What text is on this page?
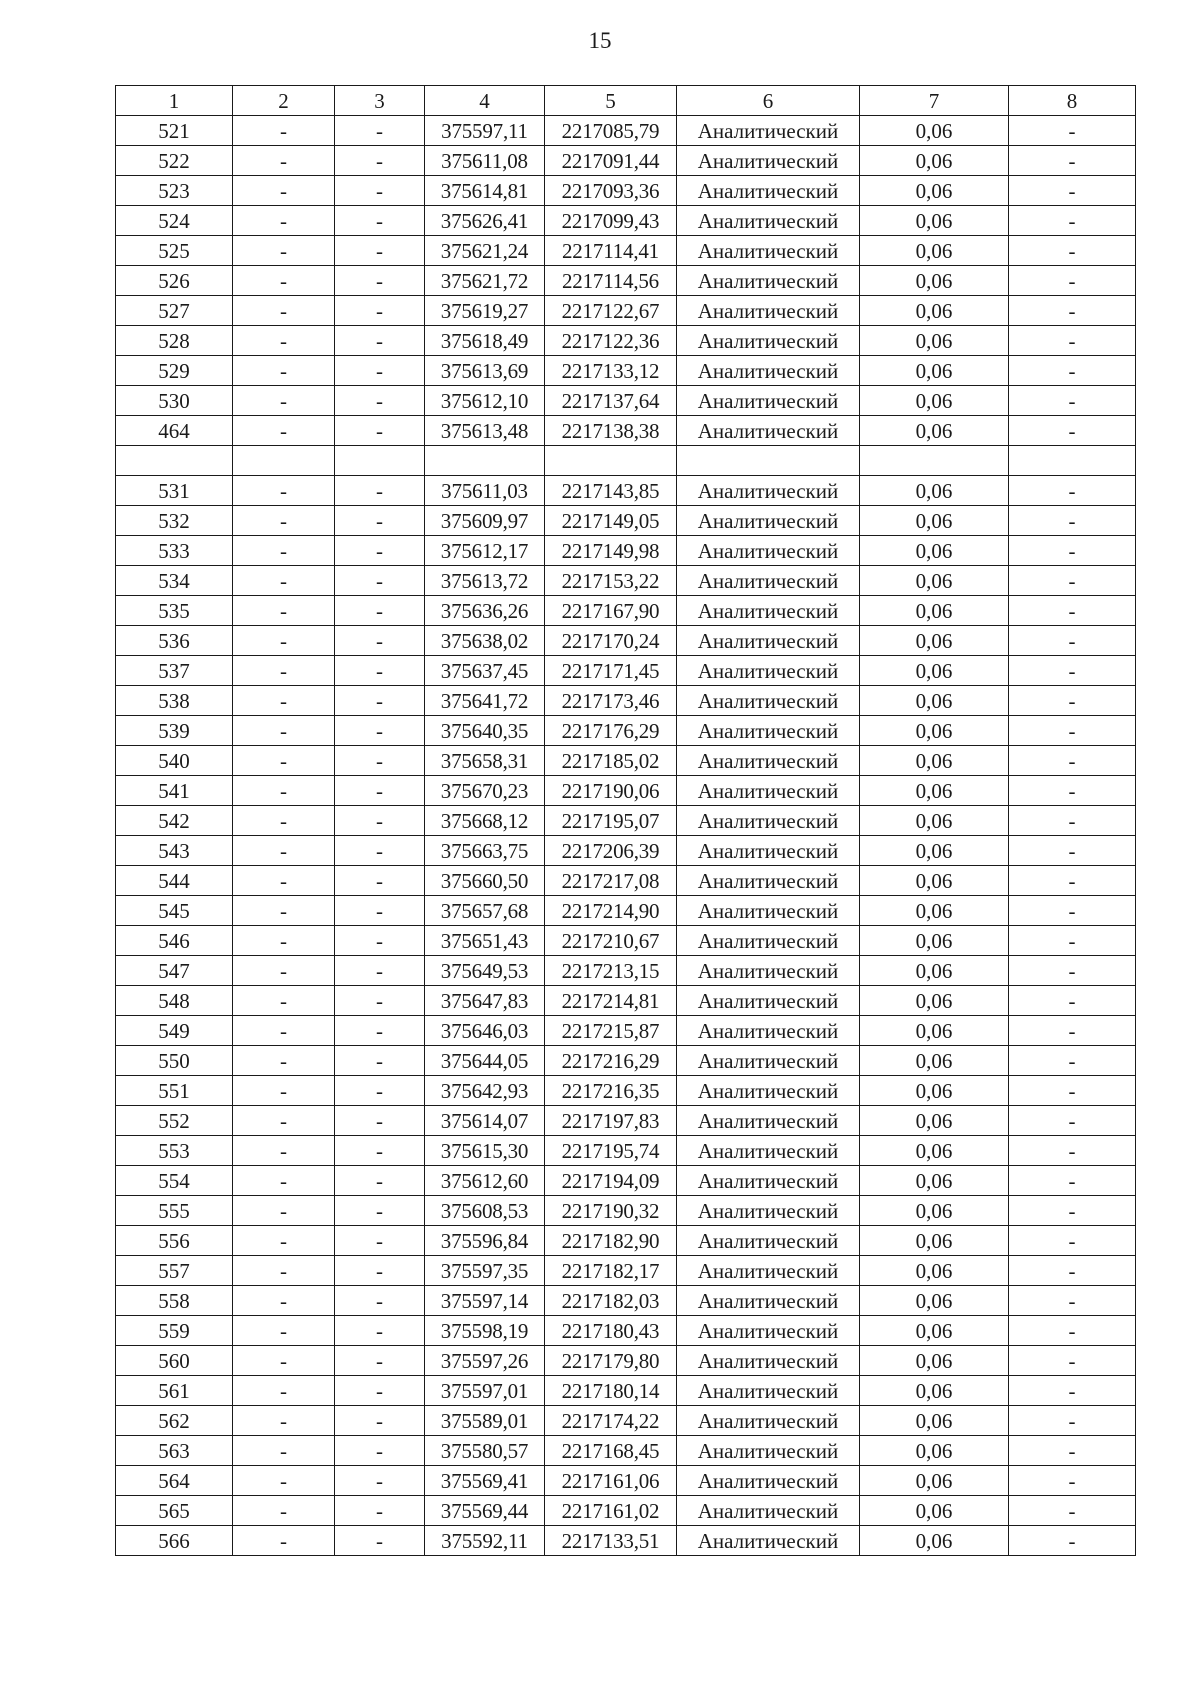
15
1	2	3	4	5	6	7	8
521	-	-	375597,11	2217085,79	Аналитический	0,06	-
522	-	-	375611,08	2217091,44	Аналитический	0,06	-
523	-	-	375614,81	2217093,36	Аналитический	0,06	-
524	-	-	375626,41	2217099,43	Аналитический	0,06	-
525	-	-	375621,24	2217114,41	Аналитический	0,06	-
526	-	-	375621,72	2217114,56	Аналитический	0,06	-
527	-	-	375619,27	2217122,67	Аналитический	0,06	-
528	-	-	375618,49	2217122,36	Аналитический	0,06	-
529	-	-	375613,69	2217133,12	Аналитический	0,06	-
530	-	-	375612,10	2217137,64	Аналитический	0,06	-
464	-	-	375613,48	2217138,38	Аналитический	0,06	-

531	-	-	375611,03	2217143,85	Аналитический	0,06	-
532	-	-	375609,97	2217149,05	Аналитический	0,06	-
533	-	-	375612,17	2217149,98	Аналитический	0,06	-
534	-	-	375613,72	2217153,22	Аналитический	0,06	-
535	-	-	375636,26	2217167,90	Аналитический	0,06	-
536	-	-	375638,02	2217170,24	Аналитический	0,06	-
537	-	-	375637,45	2217171,45	Аналитический	0,06	-
538	-	-	375641,72	2217173,46	Аналитический	0,06	-
539	-	-	375640,35	2217176,29	Аналитический	0,06	-
540	-	-	375658,31	2217185,02	Аналитический	0,06	-
541	-	-	375670,23	2217190,06	Аналитический	0,06	-
542	-	-	375668,12	2217195,07	Аналитический	0,06	-
543	-	-	375663,75	2217206,39	Аналитический	0,06	-
544	-	-	375660,50	2217217,08	Аналитический	0,06	-
545	-	-	375657,68	2217214,90	Аналитический	0,06	-
546	-	-	375651,43	2217210,67	Аналитический	0,06	-
547	-	-	375649,53	2217213,15	Аналитический	0,06	-
548	-	-	375647,83	2217214,81	Аналитический	0,06	-
549	-	-	375646,03	2217215,87	Аналитический	0,06	-
550	-	-	375644,05	2217216,29	Аналитический	0,06	-
551	-	-	375642,93	2217216,35	Аналитический	0,06	-
552	-	-	375614,07	2217197,83	Аналитический	0,06	-
553	-	-	375615,30	2217195,74	Аналитический	0,06	-
554	-	-	375612,60	2217194,09	Аналитический	0,06	-
555	-	-	375608,53	2217190,32	Аналитический	0,06	-
556	-	-	375596,84	2217182,90	Аналитический	0,06	-
557	-	-	375597,35	2217182,17	Аналитический	0,06	-
558	-	-	375597,14	2217182,03	Аналитический	0,06	-
559	-	-	375598,19	2217180,43	Аналитический	0,06	-
560	-	-	375597,26	2217179,80	Аналитический	0,06	-
561	-	-	375597,01	2217180,14	Аналитический	0,06	-
562	-	-	375589,01	2217174,22	Аналитический	0,06	-
563	-	-	375580,57	2217168,45	Аналитический	0,06	-
564	-	-	375569,41	2217161,06	Аналитический	0,06	-
565	-	-	375569,44	2217161,02	Аналитический	0,06	-
566	-	-	375592,11	2217133,51	Аналитический	0,06	-
